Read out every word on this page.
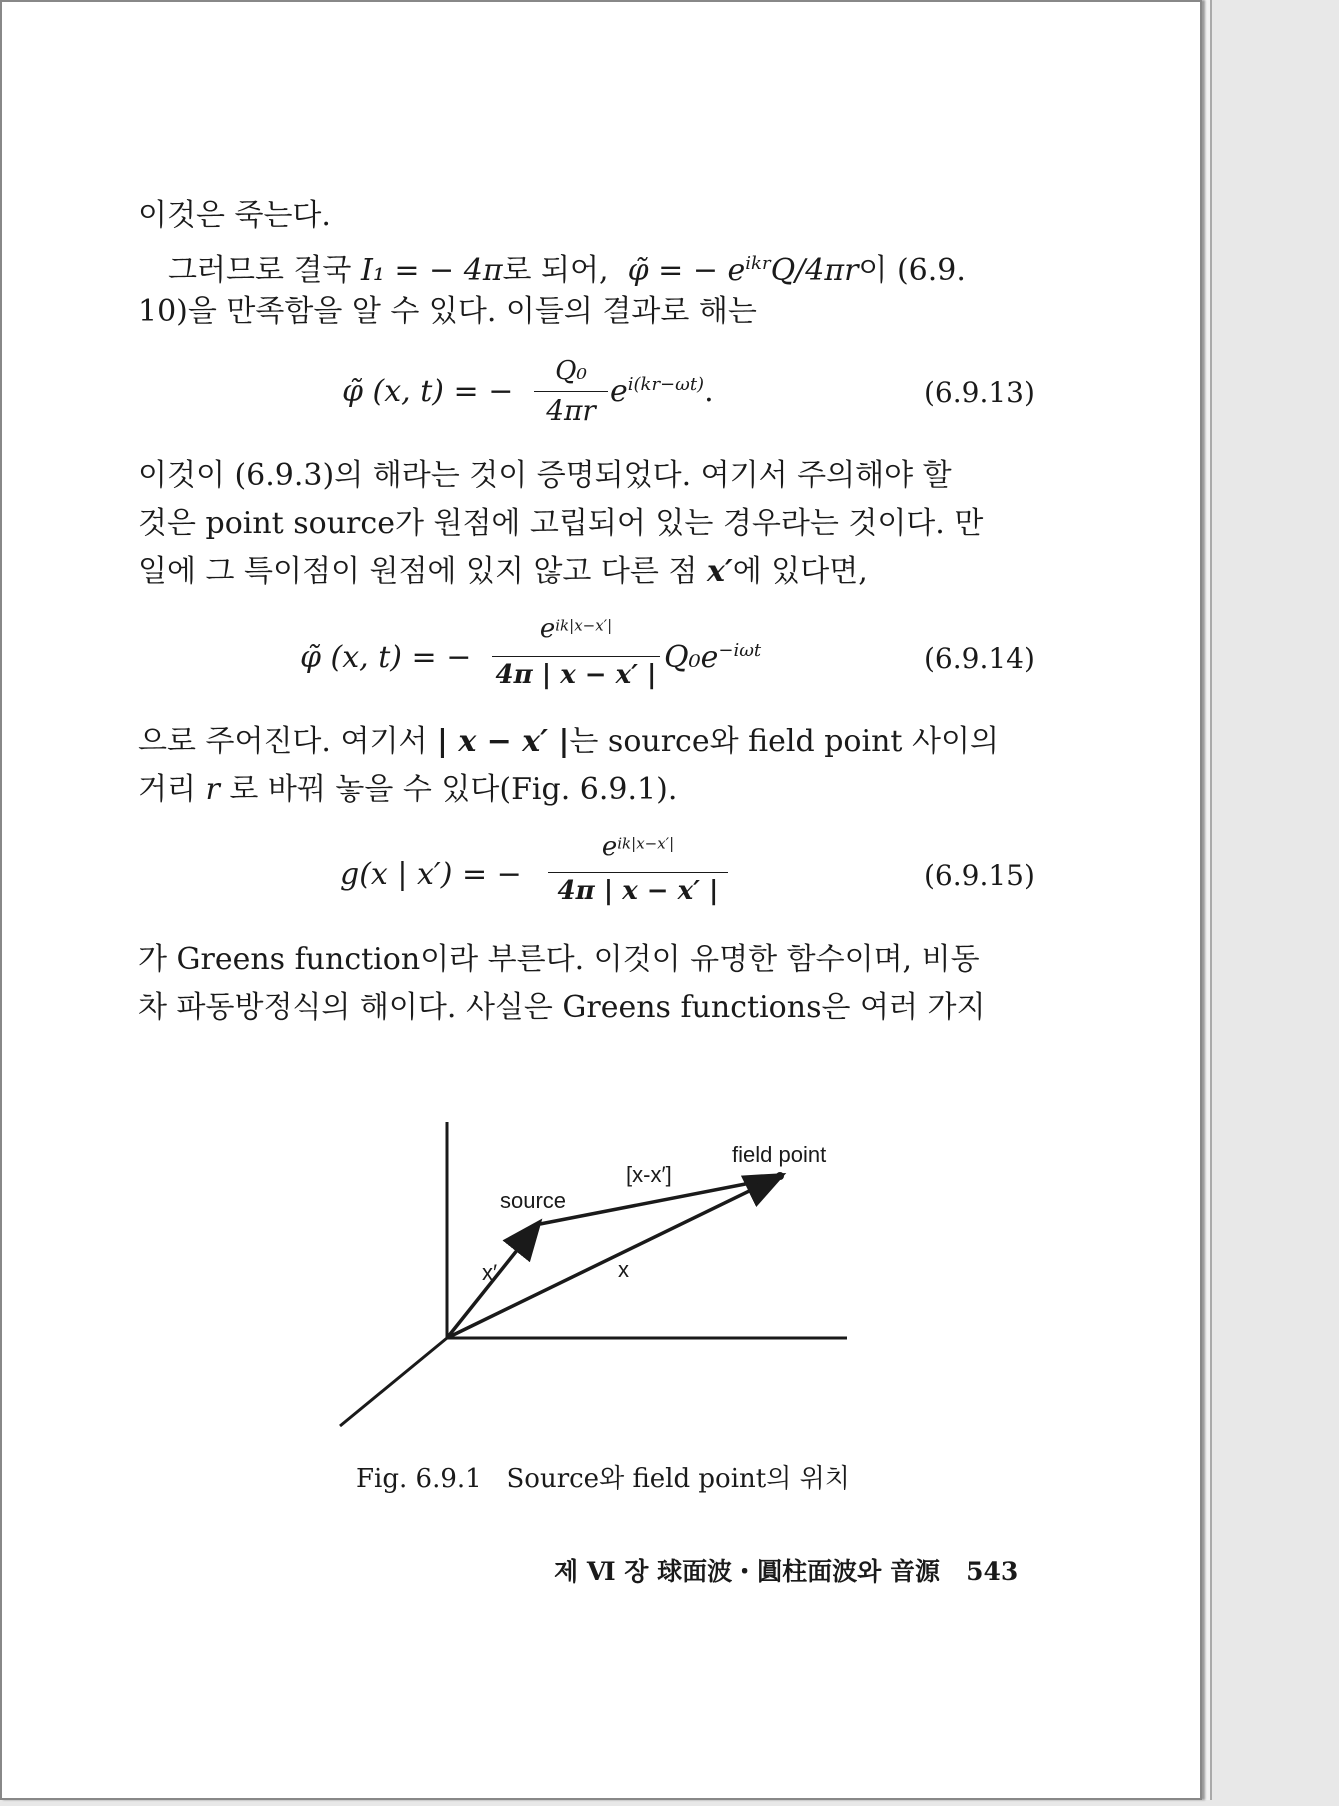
이것은 죽는다.
그러므로 결국 I₁ = − 4π로 되어, φ̃ = − $e^{ikr}Q/4\pi r$이 (6.9.
10)을 만족함을 알 수 있다. 이들의 결과로 해는
φ̃ (x, t) = −
Q₀
4πr
$e^{i(kr-\omega t)}$.	(6.9.13)
이것이 (6.9.3)의 해라는 것이 증명되었다. 여기서 주의해야 할
것은 point source가 원점에 고립되어 있는 경우라는 것이다. 만
일에 그 특이점이 원점에 있지 않고 다른 점 x′에 있다면,
φ̃ (x, t) = −
$e^{ik|x-x'|}$
4π | x − x′ | $Q_0e^{-i\omega t}$	(6.9.14)
으로 주어진다. 여기서 | x − x′ |는 source와 field point 사이의
거리 r 로 바꿔 놓을 수 있다(Fig. 6.9.1).
g(x | x′) = −
$e^{ik|x-x'|}$
4π | x − x′ |	(6.9.15)
가 Greens function이라 부른다. 이것이 유명한 함수이며, 비동
차 파동방정식의 해이다. 사실은 Greens functions은 여러 가지
field point
source
[x-x′]
x′	x
Fig. 6.9.1 Source와 field point의 위치
제 Ⅵ 장 球面波・圓柱面波와 音源 543
